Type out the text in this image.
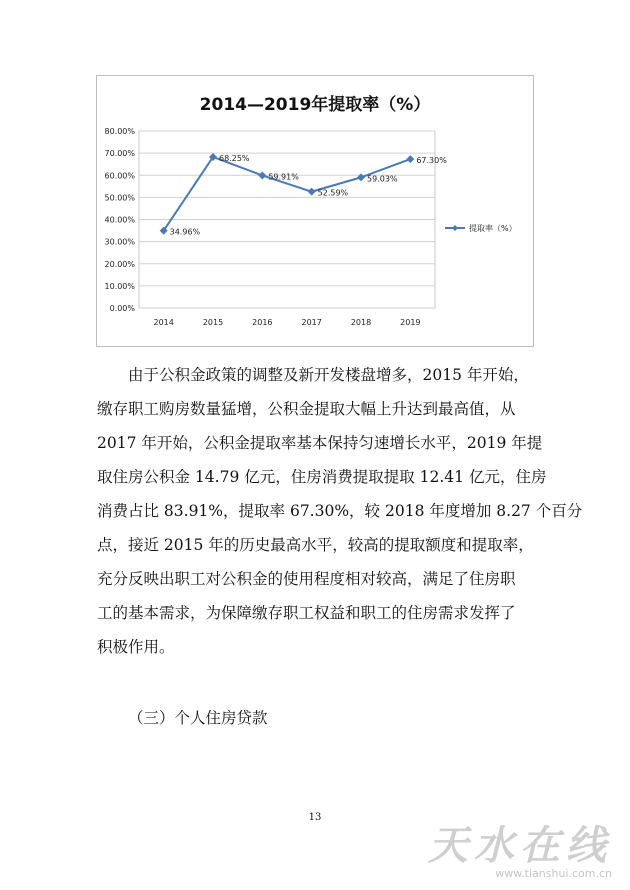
2014—2019年提取率（%）
0.00%
10.00%
20.00%
30.00%
40.00%
50.00%
60.00%
70.00%
80.00%
2014	2015	2016	2017	2018	2019
34.96%
68.25%
59.91%
52.59%
59.03%
67.30%
提取率（%）
由于公积金政策的调整及新开发楼盘增多，2015 年开始，
缴存职工购房数量猛增，公积金提取大幅上升达到最高值，从
2017 年开始，公积金提取率基本保持匀速增长水平，2019 年提
取住房公积金 14.79 亿元，住房消费提取提取 12.41 亿元，住房
消费占比 83.91%，提取率 67.30%，较 2018 年度增加 8.27 个百分
点，接近 2015 年的历史最高水平，较高的提取额度和提取率，
充分反映出职工对公积金的使用程度相对较高，满足了住房职
工的基本需求，为保障缴存职工权益和职工的住房需求发挥了
积极作用。
（三）个人住房贷款
13
天水在线
www.tianshui.com.cn
